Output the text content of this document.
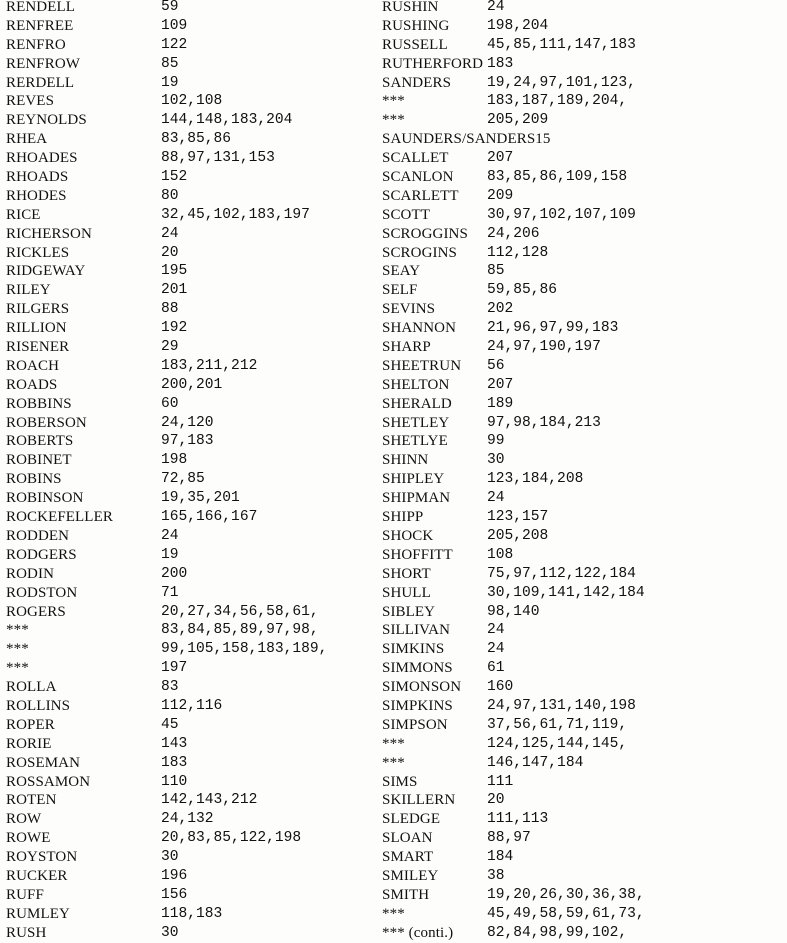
RENDELL	59
RENFREE	109
RENFRO	122
RENFROW	85
RERDELL	19
REVES	102,108
REYNOLDS	144,148,183,204
RHEA	83,85,86
RHOADES	88,97,131,153
RHOADS	152
RHODES	80
RICE	32,45,102,183,197
RICHERSON	24
RICKLES	20
RIDGEWAY	195
RILEY	201
RILGERS	88
RILLION	192
RISENER	29
ROACH	183,211,212
ROADS	200,201
ROBBINS	60
ROBERSON	24,120
ROBERTS	97,183
ROBINET	198
ROBINS	72,85
ROBINSON	19,35,201
ROCKEFELLER	165,166,167
RODDEN	24
RODGERS	19
RODIN	200
RODSTON	71
ROGERS	20,27,34,56,58,61,
***	83,84,85,89,97,98,
***	99,105,158,183,189,
***	197
ROLLA	83
ROLLINS	112,116
ROPER	45
RORIE	143
ROSEMAN	183
ROSSAMON	110
ROTEN	142,143,212
ROW	24,132
ROWE	20,83,85,122,198
ROYSTON	30
RUCKER	196
RUFF	156
RUMLEY	118,183
RUSH	30
RUSHIN	24
RUSHING	198,204
RUSSELL	45,85,111,147,183
RUTHERFORD 183
SANDERS 19,24,97,101,123,
***	183,187,189,204,
***	205,209
SAUNDERS/SANDERS15
SCALLET	207
SCANLON 83,85,86,109,158
SCARLETT 209
SCOTT	30,97,102,107,109
SCROGGINS 24,206
SCROGINS 112,128
SEAY	85
SELF	59,85,86
SEVINS	202
SHANNON 21,96,97,99,183
SHARP	24,97,190,197
SHEETRUN 56
SHELTON	207
SHERALD 189
SHETLEY	97,98,184,213
SHETLYE	99
SHINN	30
SHIPLEY	123,184,208
SHIPMAN	24
SHIPP	123,157
SHOCK	205,208
SHOFFITT 108
SHORT	75,97,112,122,184
SHULL	30,109,141,142,184
SIBLEY	98,140
SILLIVAN	24
SIMKINS	24
SIMMONS 61
SIMONSON 160
SIMPKINS 24,97,131,140,198
SIMPSON	37,56,61,71,119,
***	124,125,144,145,
***	146,147,184
SIMS	111
SKILLERN 20
SLEDGE	111,113
SLOAN	88,97
SMART	184
SMILEY	38
SMITH	19,20,26,30,36,38,
***	45,49,58,59,61,73,
*** (conti.) 82,84,98,99,102,
